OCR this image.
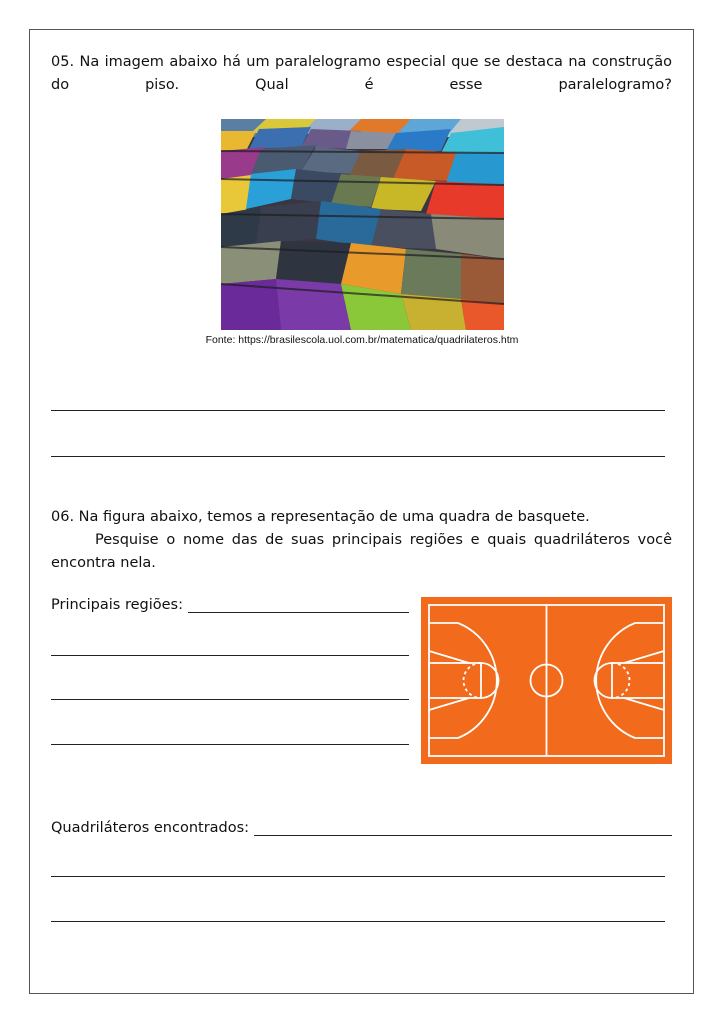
05. Na imagem abaixo há um paralelogramo especial que se destaca na construção do piso. Qual é esse paralelogramo?

Fonte: https://brasilescola.uol.com.br/matematica/quadrilateros.htm
06. Na figura abaixo, temos a representação de uma quadra de basquete.

Pesquise o nome das de suas principais regiões e quais quadriláteros você encontra nela.

Principais regiões:
Quadriláteros encontrados:
